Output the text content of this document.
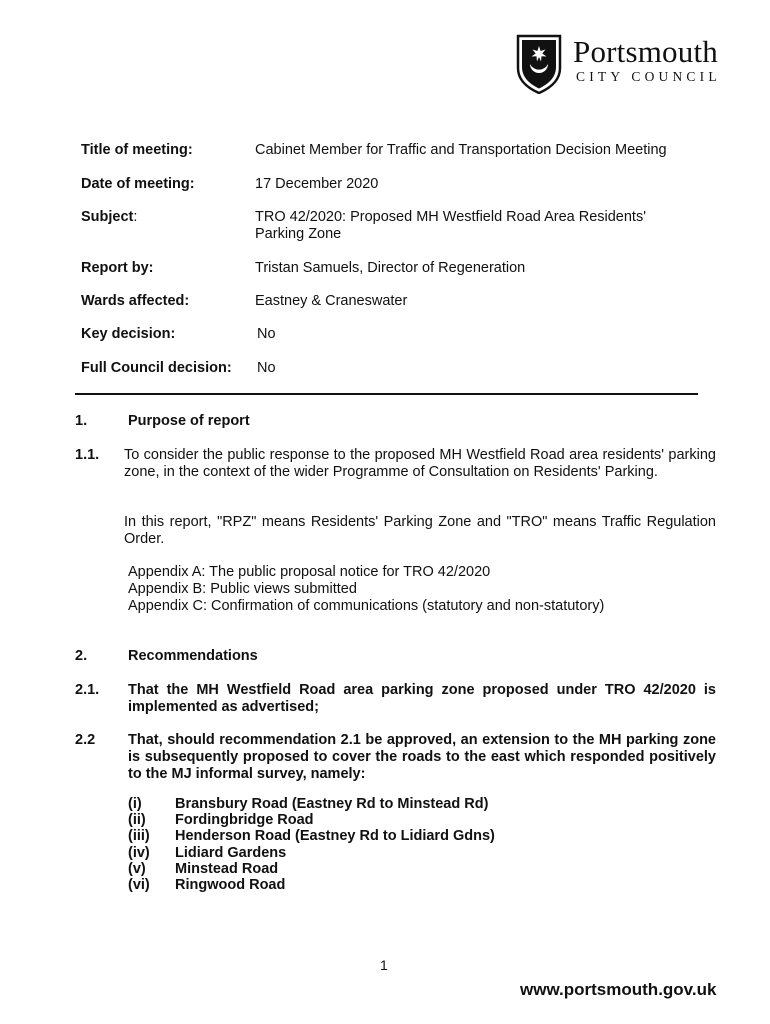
Portsmouth
CITY COUNCIL
Title of meeting:	Cabinet Member for Traffic and Transportation Decision Meeting
Date of meeting:	17 December 2020
Subject:	TRO 42/2020: Proposed MH Westfield Road Area Residents'
Parking Zone
Report by:	Tristan Samuels, Director of Regeneration
Wards affected:	Eastney & Craneswater
Key decision:	No
Full Council decision: No
1.	Purpose of report
1.1. To consider the public response to the proposed MH Westfield Road area residents' parking zone, in the context of the wider Programme of Consultation on Residents' Parking.
In this report, "RPZ" means Residents' Parking Zone and "TRO" means Traffic Regulation Order.
Appendix A: The public proposal notice for TRO 42/2020
Appendix B: Public views submitted
Appendix C: Confirmation of communications (statutory and non-statutory)
2.	Recommendations
2.1. That the MH Westfield Road area parking zone proposed under TRO 42/2020 is implemented as advertised;
2.2 That, should recommendation 2.1 be approved, an extension to the MH parking zone is subsequently proposed to cover the roads to the east which responded positively to the MJ informal survey, namely:
(i)	Bransbury Road (Eastney Rd to Minstead Rd)
(ii)	Fordingbridge Road
(iii)	Henderson Road (Eastney Rd to Lidiard Gdns)
(iv)	Lidiard Gardens
(v)	Minstead Road
(vi)	Ringwood Road
1
www.portsmouth.gov.uk
